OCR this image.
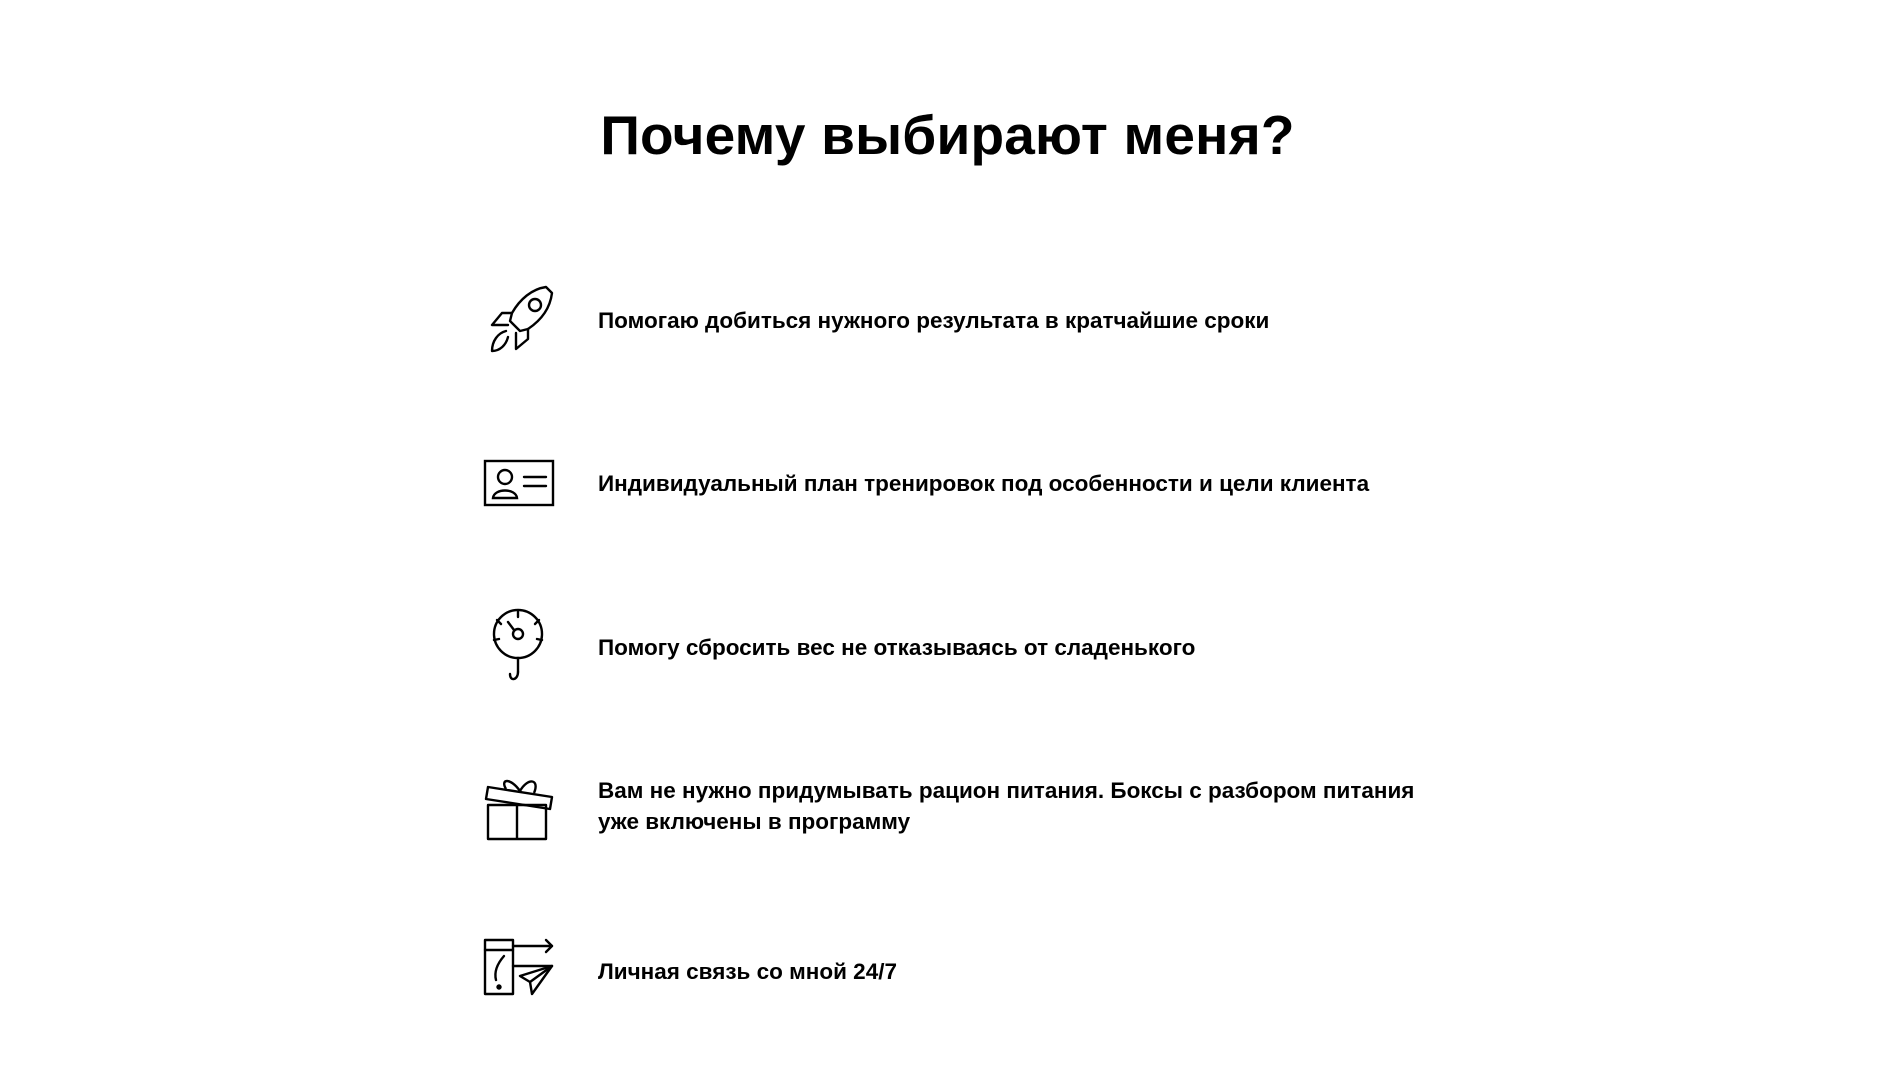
Почему выбирают меня?
Помогаю добиться нужного результата в кратчайшие сроки
Индивидуальный план тренировок под особенности и цели клиента
Помогу сбросить вес не отказываясь от сладенького
Вам не нужно придумывать рацион питания. Боксы с разбором питания уже включены в программу
Личная связь со мной 24/7
